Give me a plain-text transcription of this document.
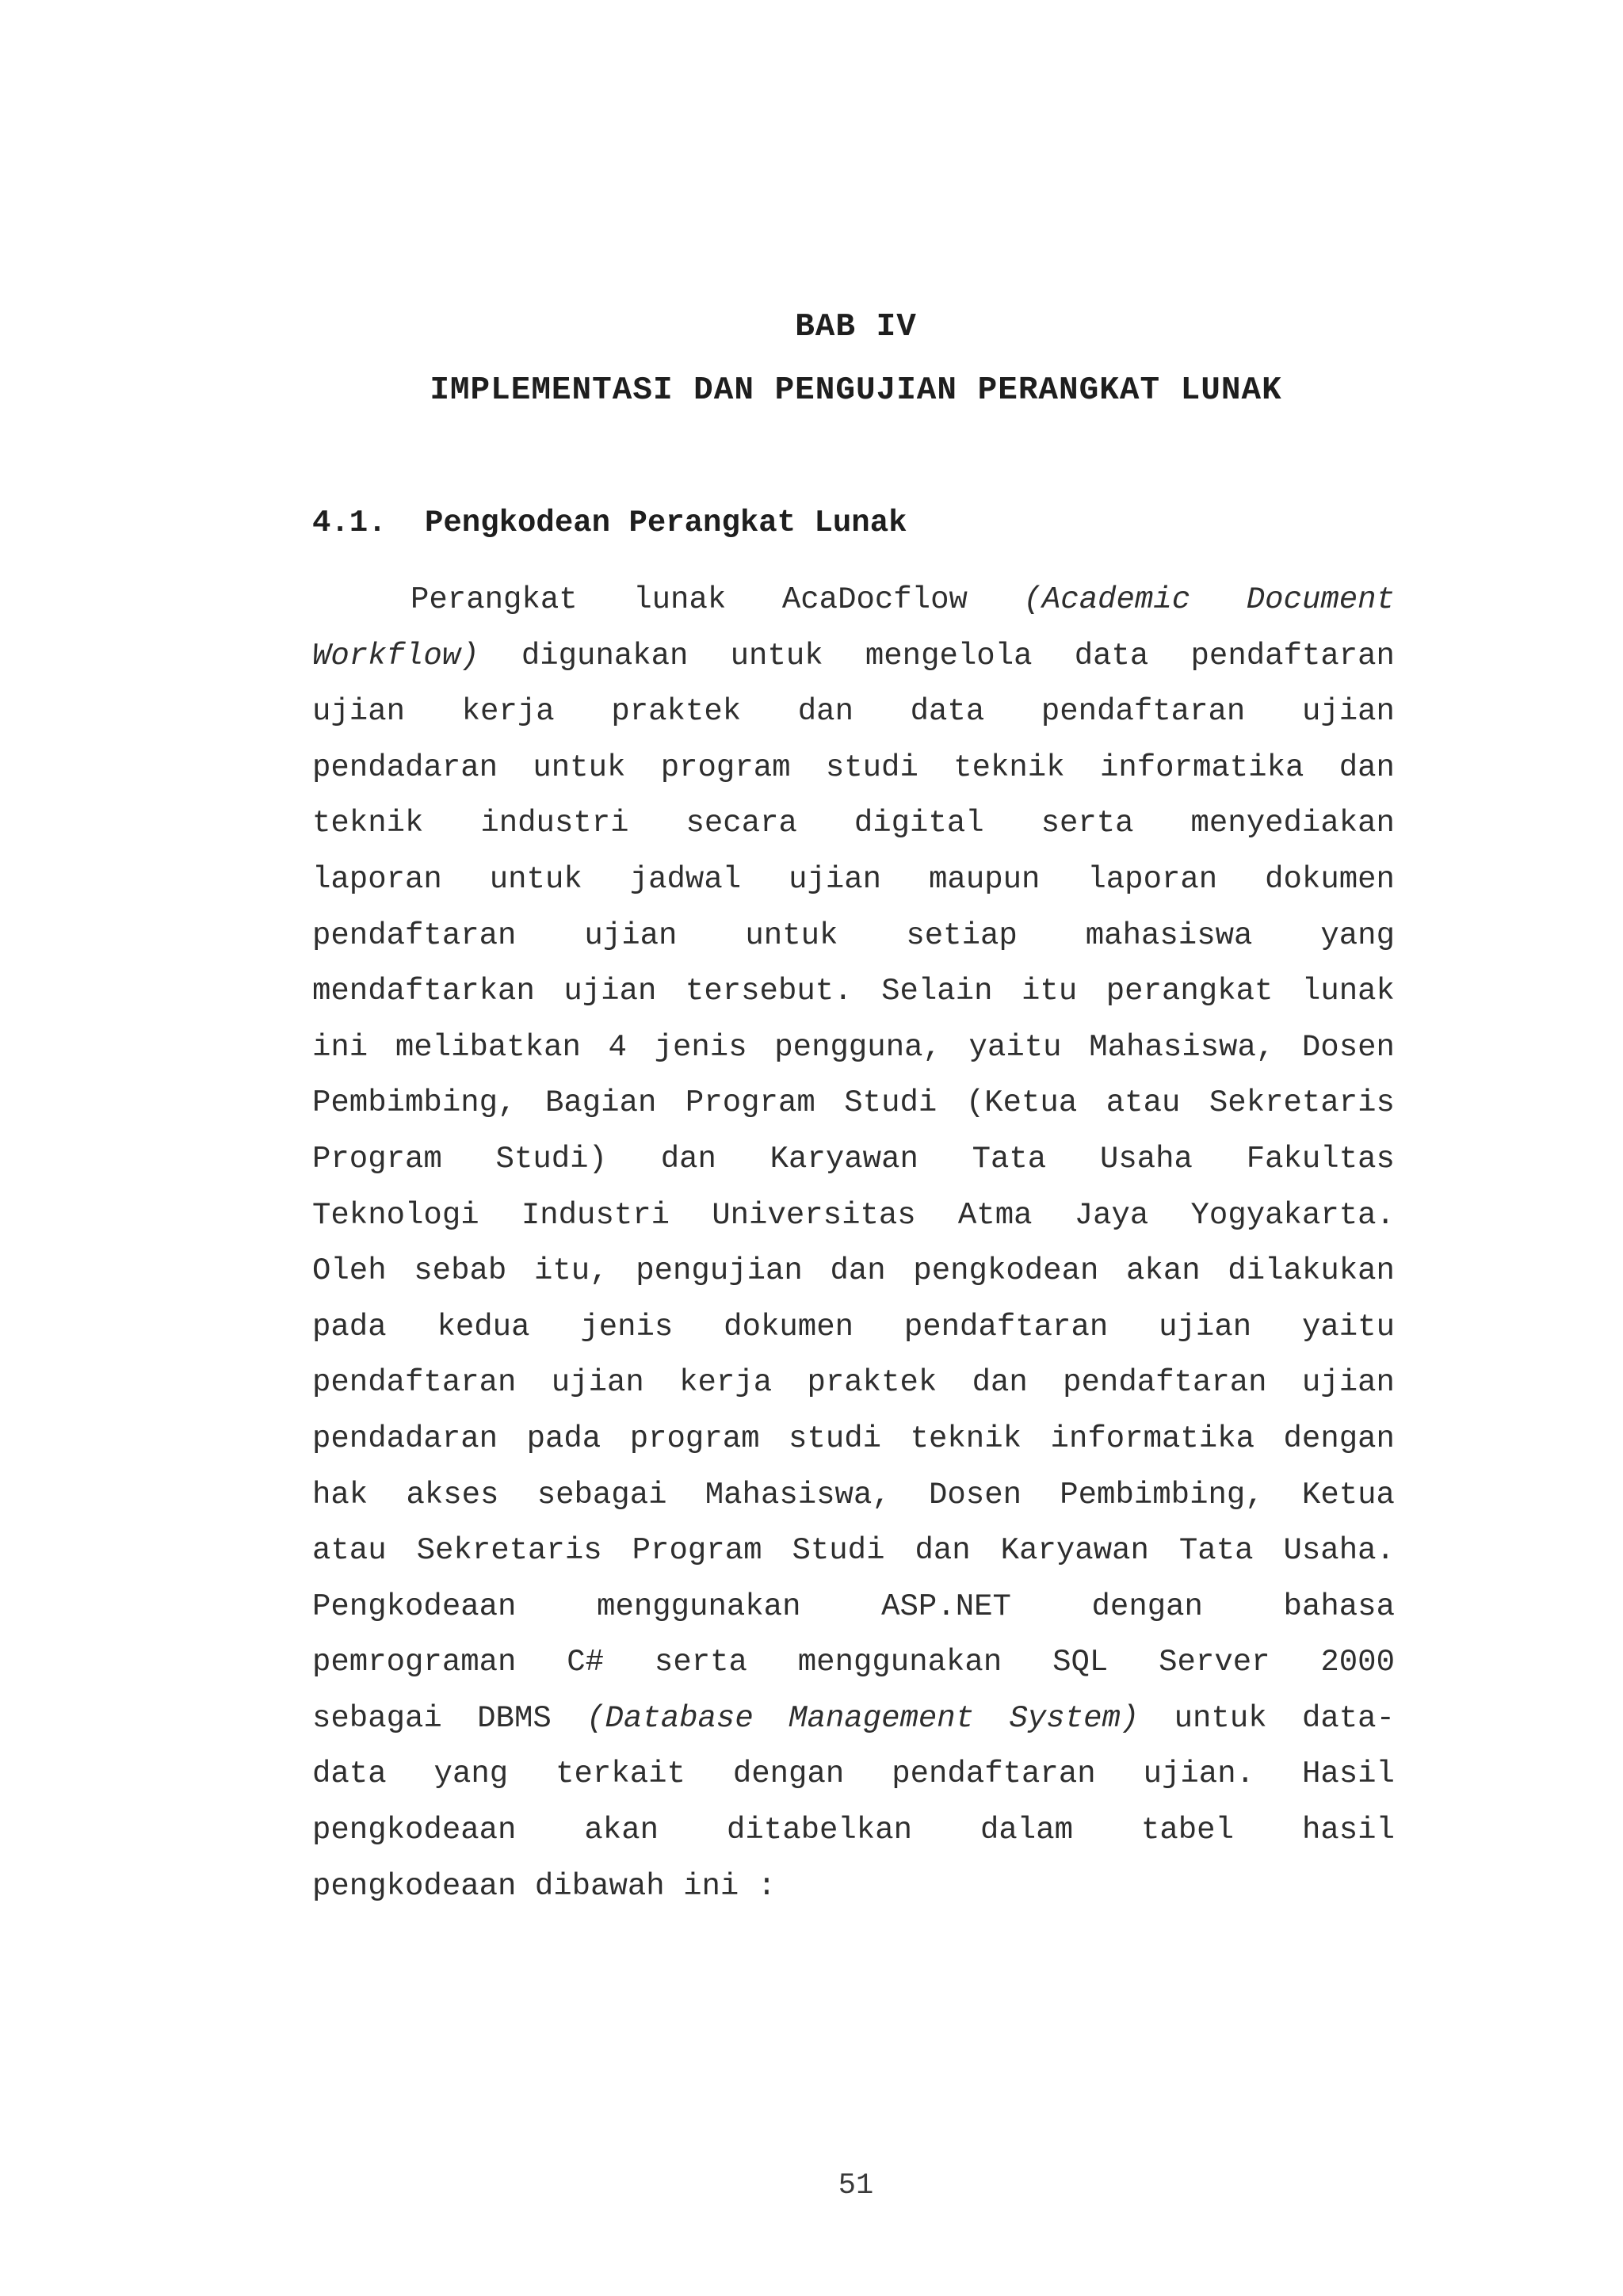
BAB IV
IMPLEMENTASI DAN PENGUJIAN PERANGKAT LUNAK
4.1. Pengkodean Perangkat Lunak
Perangkat lunak AcaDocflow (Academic Document
Workflow) digunakan untuk mengelola data pendaftaran
ujian kerja praktek dan data pendaftaran ujian
pendadaran untuk program studi teknik informatika dan
teknik industri secara digital serta menyediakan
laporan untuk jadwal ujian maupun laporan dokumen
pendaftaran ujian untuk setiap mahasiswa yang
mendaftarkan ujian tersebut. Selain itu perangkat lunak
ini melibatkan 4 jenis pengguna, yaitu Mahasiswa, Dosen
Pembimbing, Bagian Program Studi (Ketua atau Sekretaris
Program Studi) dan Karyawan Tata Usaha Fakultas
Teknologi Industri Universitas Atma Jaya Yogyakarta.
Oleh sebab itu, pengujian dan pengkodean akan dilakukan
pada kedua jenis dokumen pendaftaran ujian yaitu
pendaftaran ujian kerja praktek dan pendaftaran ujian
pendadaran pada program studi teknik informatika dengan
hak akses sebagai Mahasiswa, Dosen Pembimbing, Ketua
atau Sekretaris Program Studi dan Karyawan Tata Usaha.
Pengkodeaan	menggunakan	ASP.NET	dengan	bahasa
pemrograman C# serta menggunakan SQL Server 2000
sebagai DBMS (Database Management System) untuk data-
data yang terkait dengan pendaftaran ujian. Hasil
pengkodeaan akan ditabelkan dalam tabel hasil
pengkodeaan dibawah ini :
51
